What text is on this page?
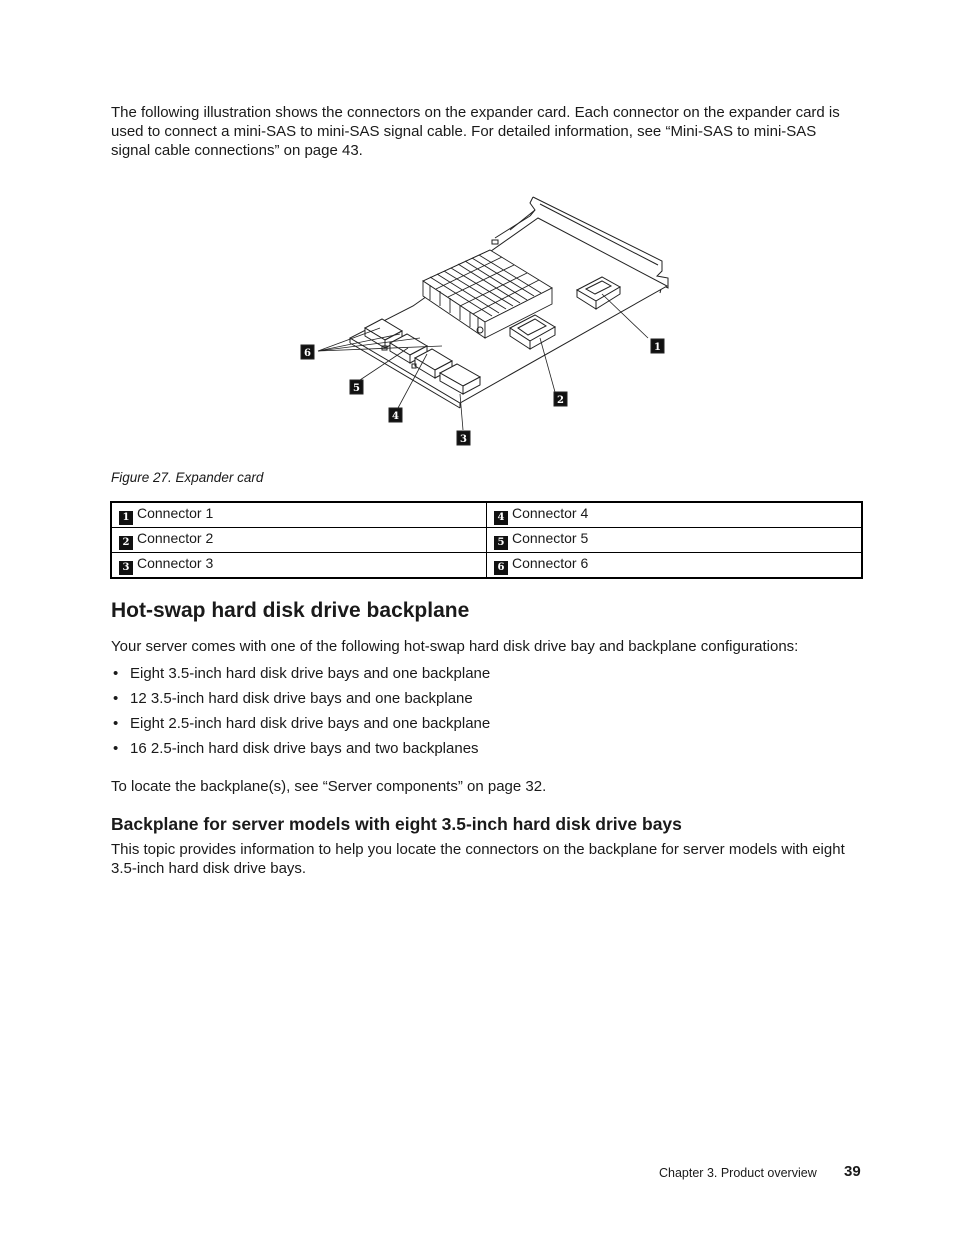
The following illustration shows the connectors on the expander card. Each connector on the expander card is used to connect a mini-SAS to mini-SAS signal cable. For detailed information, see “Mini-SAS to mini-SAS signal cable connections” on page 43.

1
2
3
4
5
6

Figure 27. Expander card

1 Connector 1	4 Connector 4
2 Connector 2	5 Connector 5
3 Connector 3	6 Connector 6
Hot-swap hard disk drive backplane

Your server comes with one of the following hot-swap hard disk drive bay and backplane configurations:

• Eight 3.5-inch hard disk drive bays and one backplane
• 12 3.5-inch hard disk drive bays and one backplane
• Eight 2.5-inch hard disk drive bays and one backplane
• 16 2.5-inch hard disk drive bays and two backplanes

To locate the backplane(s), see “Server components” on page 32.

Backplane for server models with eight 3.5-inch hard disk drive bays

This topic provides information to help you locate the connectors on the backplane for server models with eight 3.5-inch hard disk drive bays.

Chapter 3. Product overview 39
